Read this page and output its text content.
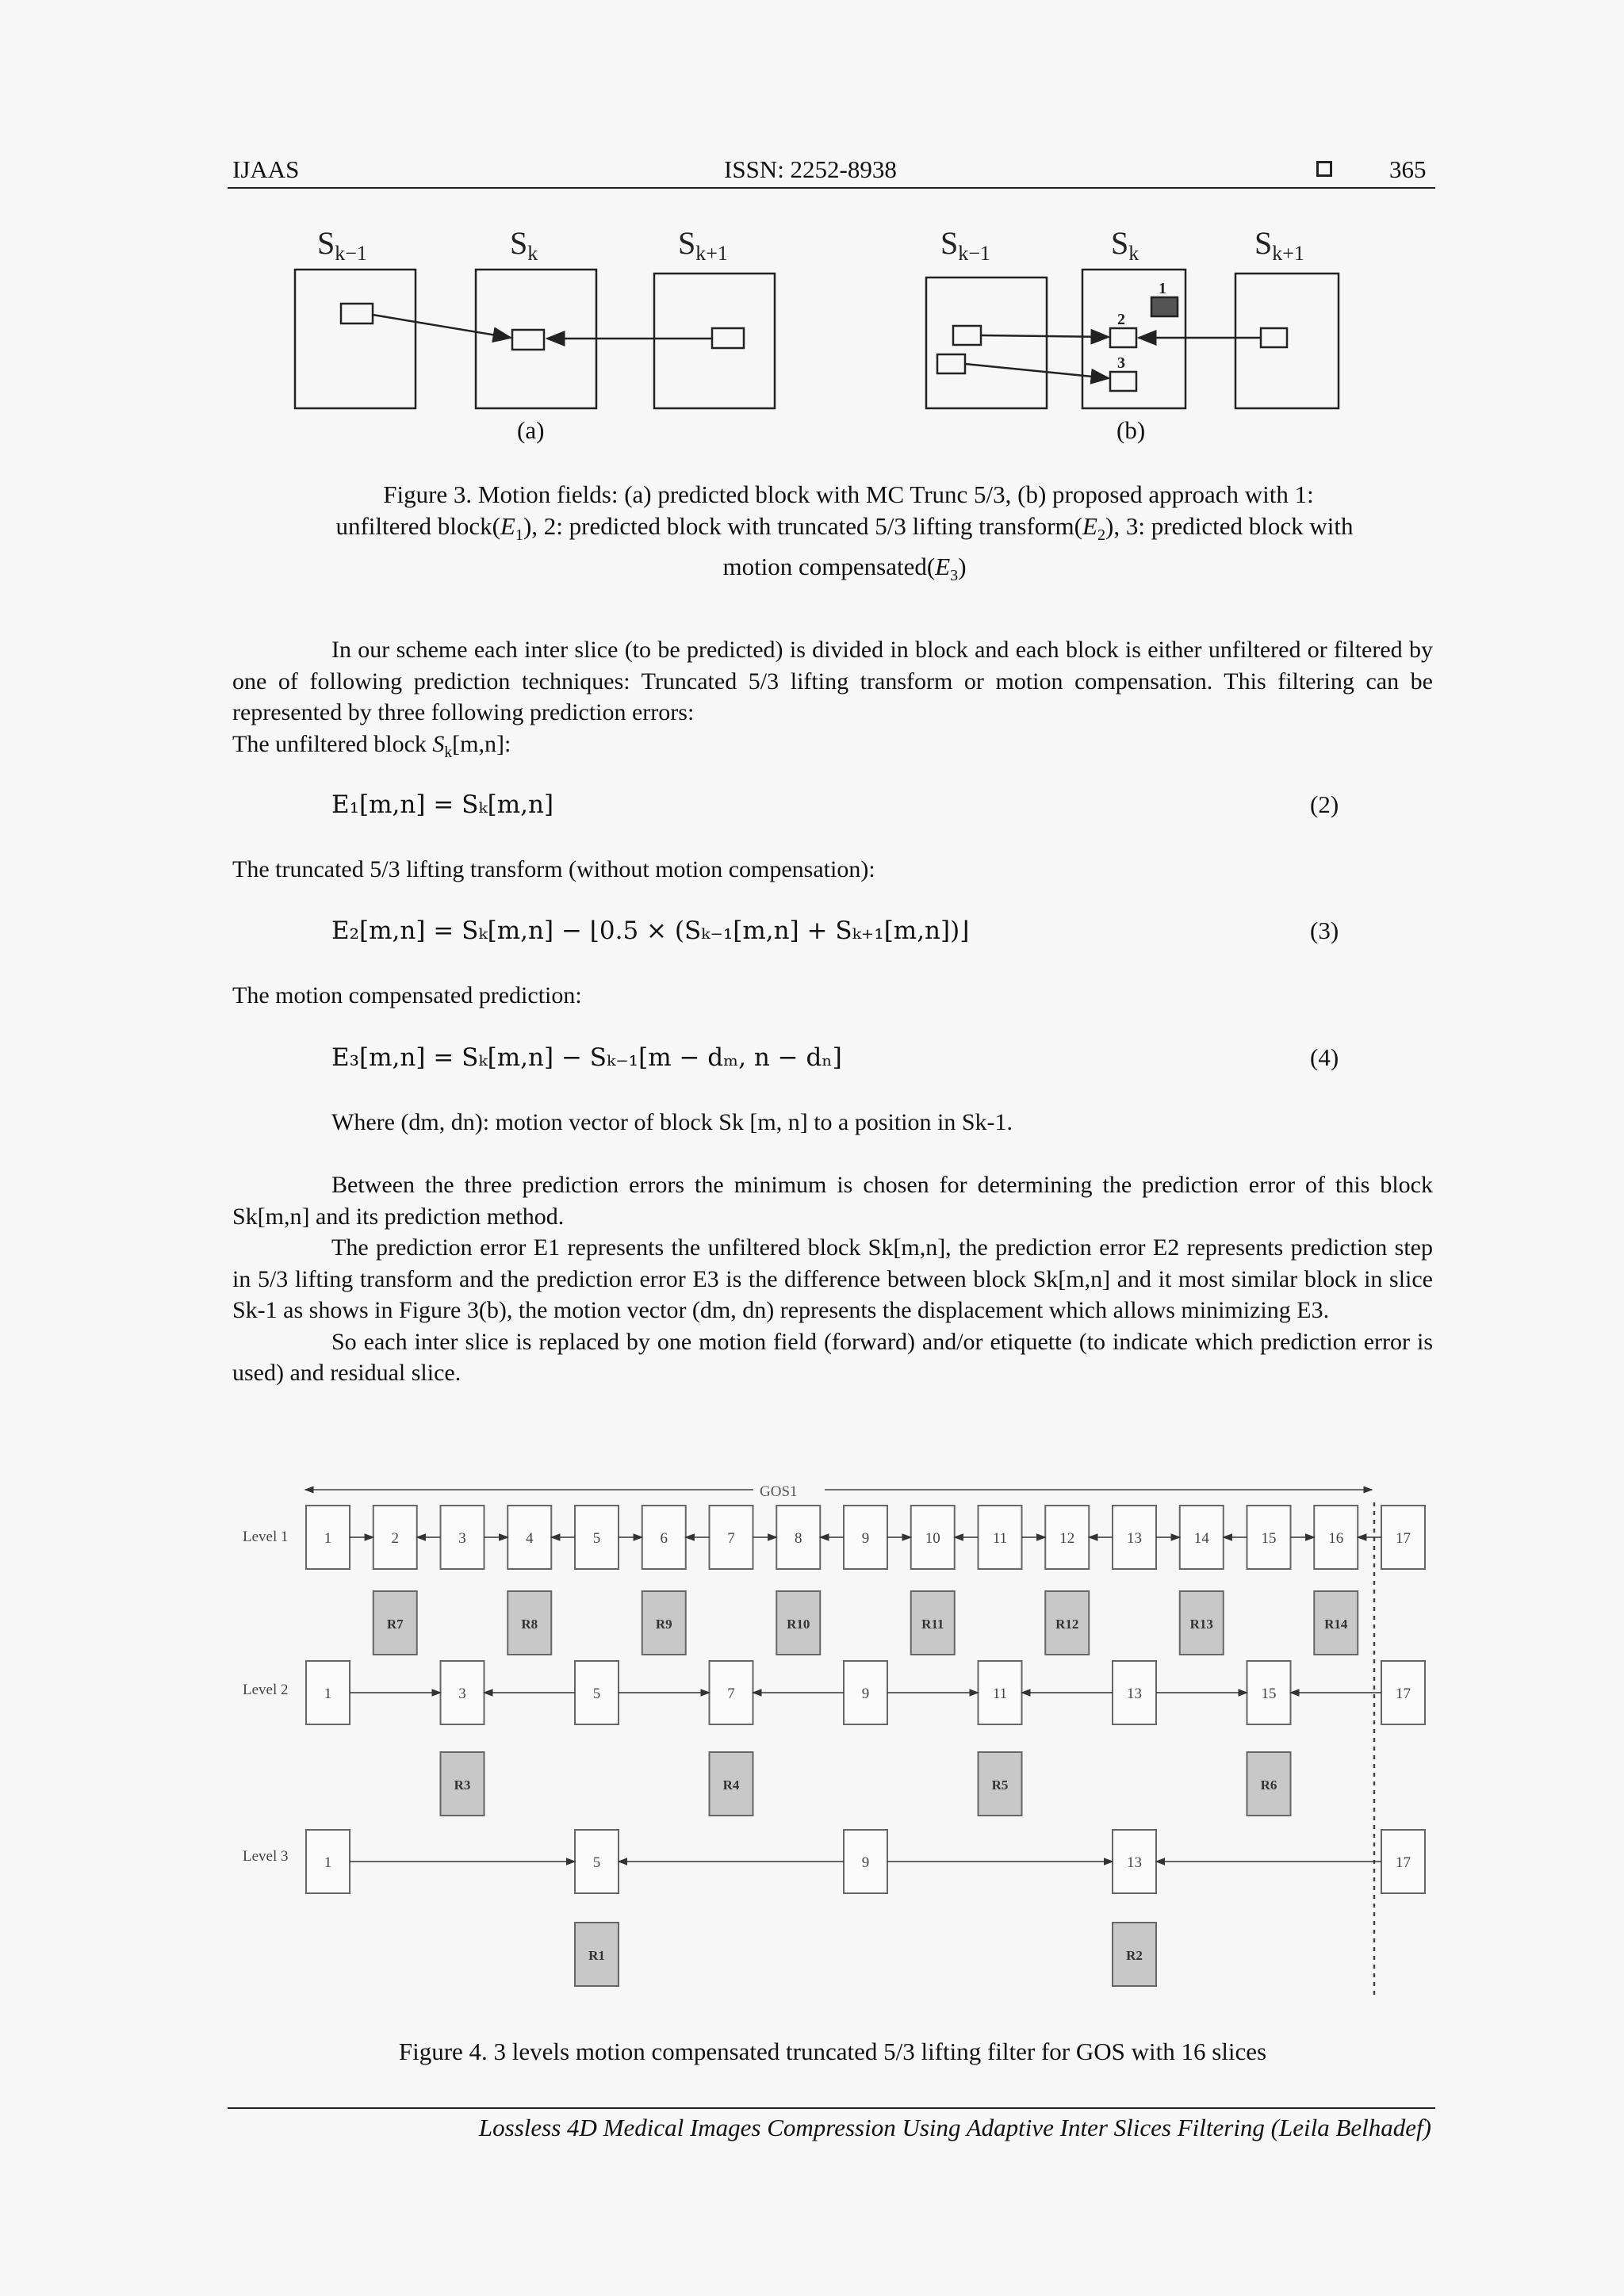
IJAAS	ISSN: 2252-8938	365
$S_{k-1}$	$S_k$	$S_{k+1}$	$S_{k-1}$	$S_k$	$S_{k+1}$
1
2
3
(a)	(b)
Figure 3. Motion fields: (a) predicted block with MC Trunc 5/3, (b) proposed approach with 1:
unfiltered $block(E_1)$, 2: predicted block with truncated 5/3 lifting $transform(E_2)$, 3: predicted block with
motion $compensated(E_3)$

In our scheme each inter slice (to be predicted) is divided in block and each block is either unfiltered or filtered by one of following prediction techniques: Truncated 5/3 lifting transform or motion compensation. This filtering can be represented by three following prediction errors:

The unfiltered block $S_k[m,n]$:

E₁[m,n] = Sₖ[m,n]	(2)

The truncated 5/3 lifting transform (without motion compensation):

E₂[m,n] = Sₖ[m,n] − ⌊0.5 × (Sₖ₋₁[m,n] + Sₖ₊₁[m,n])⌋	(3)

The motion compensated prediction:

E₃[m,n] = Sₖ[m,n] − Sₖ₋₁[m − dₘ, n − dₙ]	(4)

Where (dm, dn): motion vector of block Sk [m, n] to a position in Sk-1.

Between the three prediction errors the minimum is chosen for determining the prediction error of this block Sk[m,n] and its prediction method.

The prediction error E1 represents the unfiltered block Sk[m,n], the prediction error E2 represents prediction step in 5/3 lifting transform and the prediction error E3 is the difference between block Sk[m,n] and it most similar block in slice Sk-1 as shows in Figure 3(b), the motion vector (dm, dn) represents the displacement which allows minimizing E3.

So each inter slice is replaced by one motion field (forward) and/or etiquette (to indicate which prediction error is used) and residual slice.

GOS1
Level 1
Level 2
Level 3
1	2	3	4	5	6	7	8	9	10	11	12	13	14	15	16	17
R7	R8	R9	R10	R11	R12	R13	R14
1	3	5	7	9	11	13	15	17
R3	R4	R5	R6
1	5	9	13	17
R1	R2
Figure 4. 3 levels motion compensated truncated 5/3 lifting filter for GOS with 16 slices
Lossless 4D Medical Images Compression Using Adaptive Inter Slices Filtering (Leila Belhadef)
